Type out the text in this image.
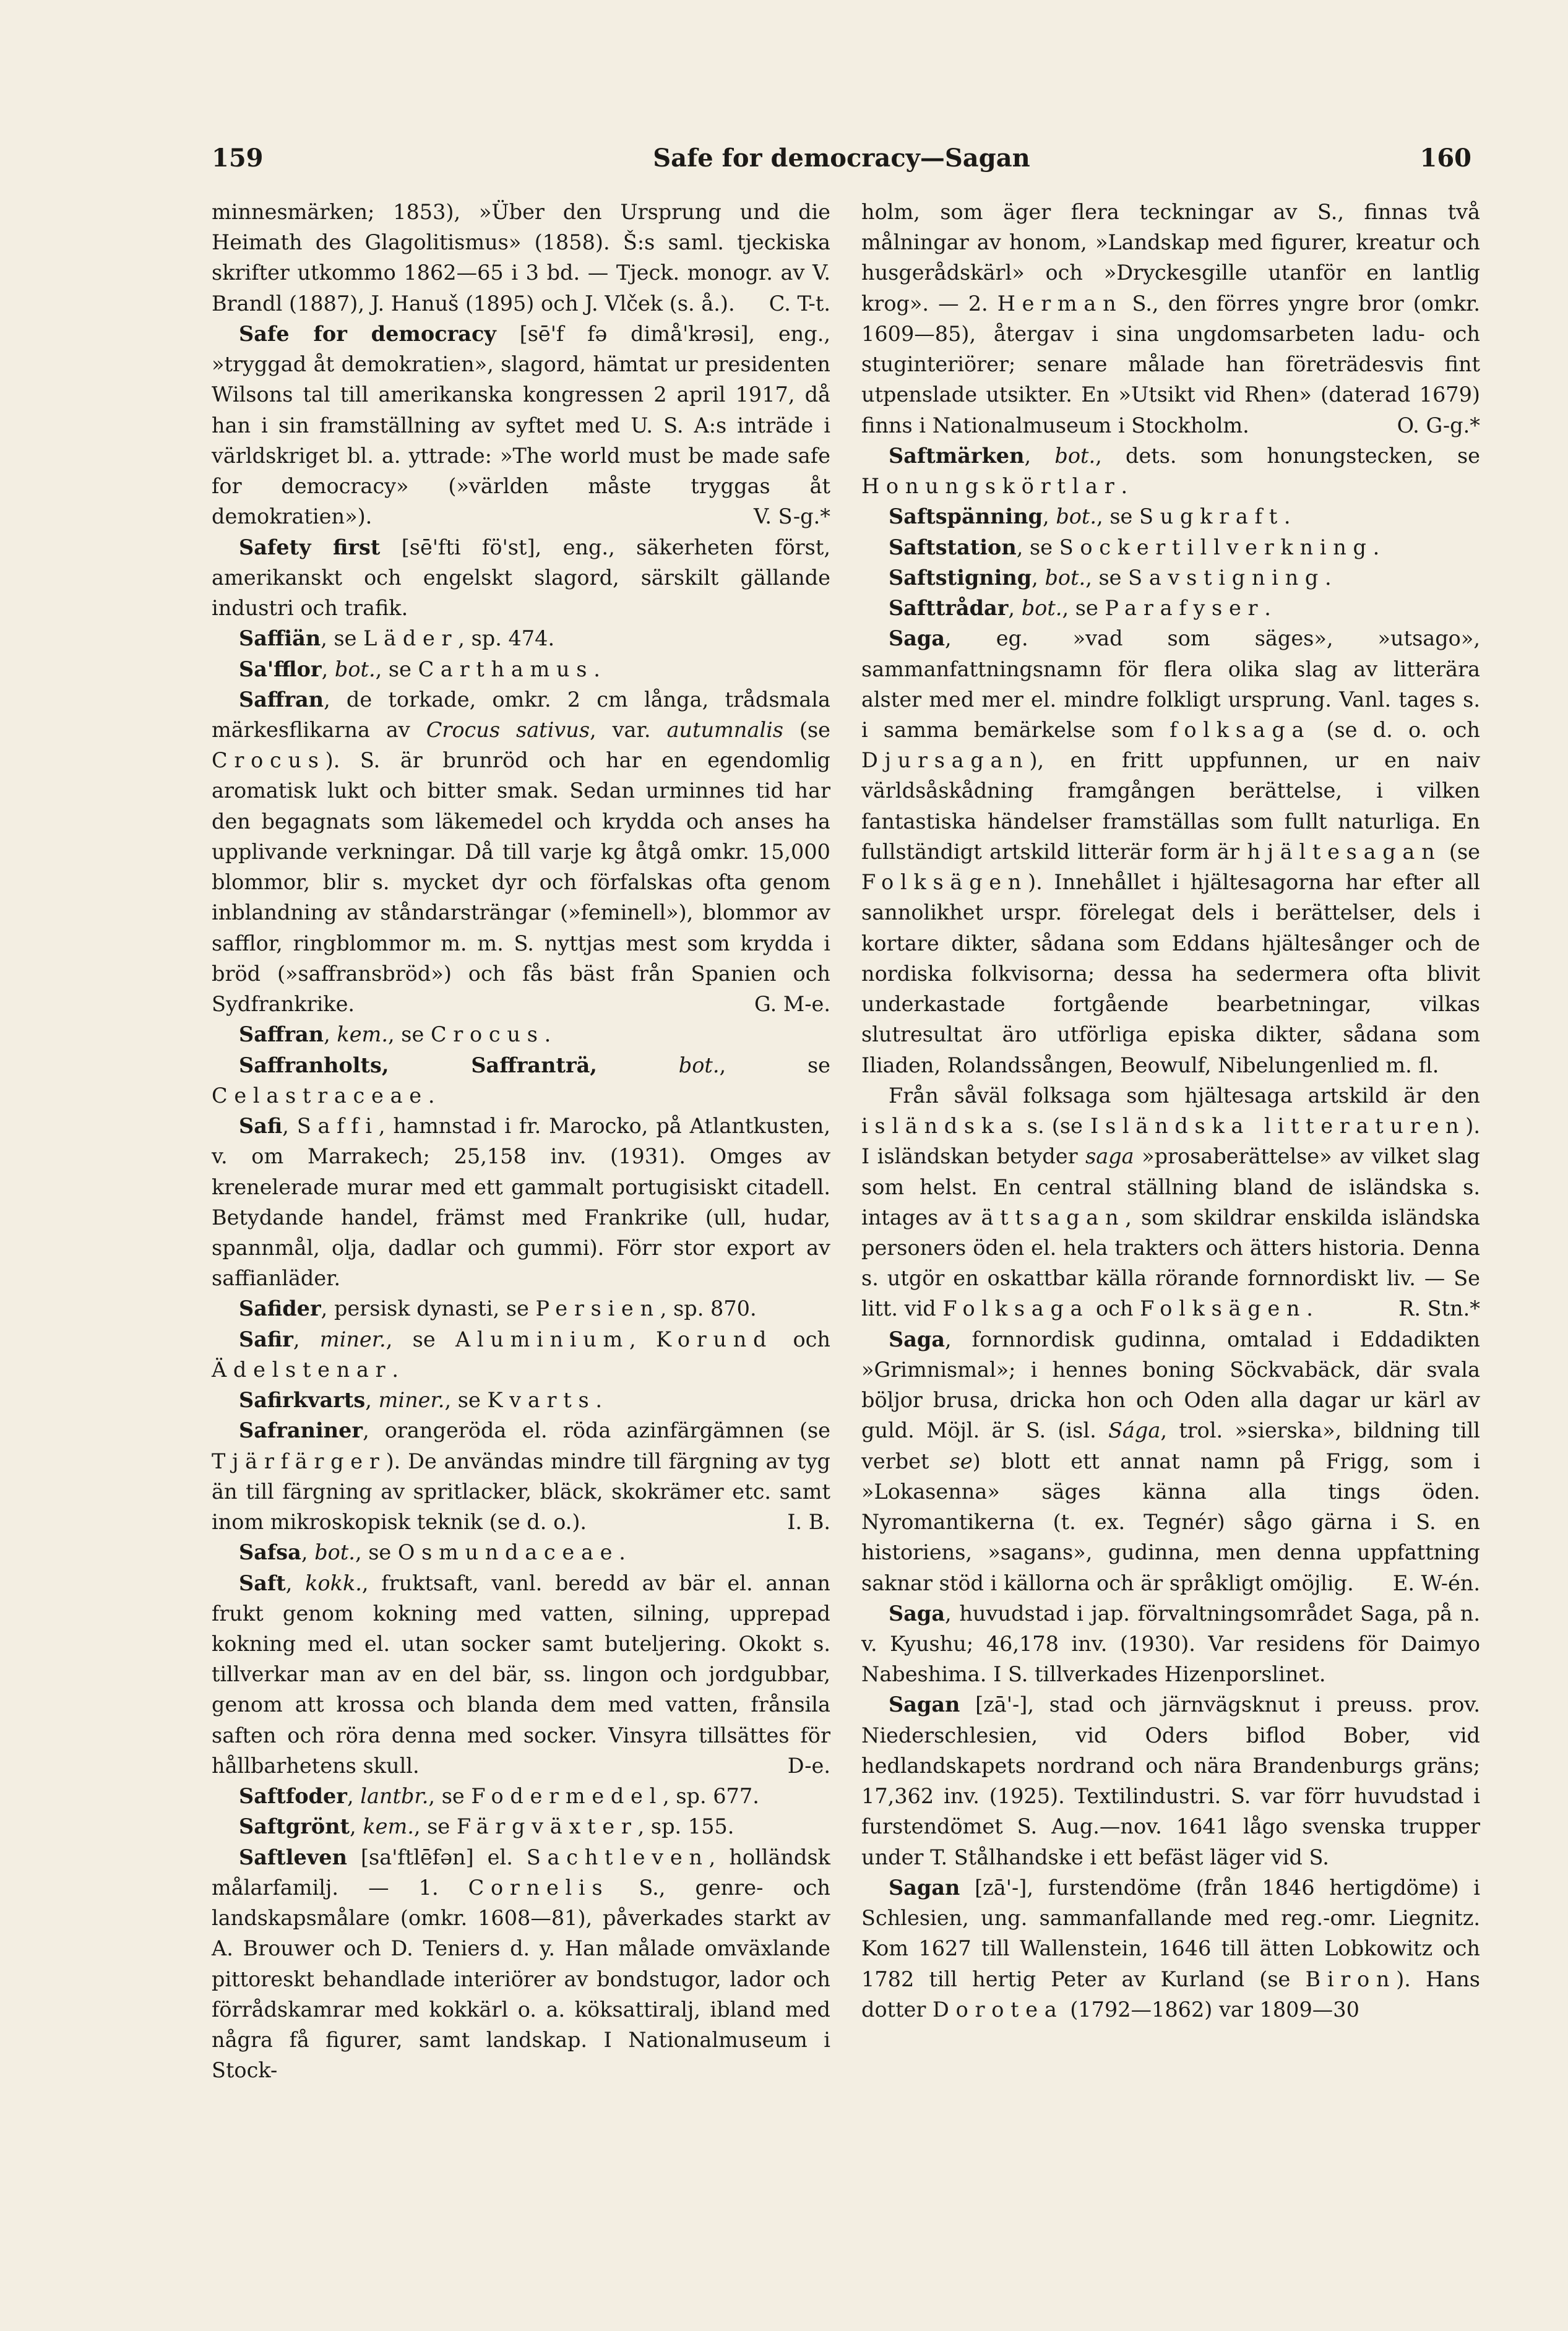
159	Safe for democracy—Sagan	160

minnesmärken; 1853), »Über den Ursprung und die Heimath des Glagolitismus» (1858). Š:s saml. tjeckiska skrifter utkommo 1862—65 i 3 bd. — Tjeck. monogr. av V. Brandl (1887), J. Hanuš (1895) och J. Vlček (s. å.). C. T-t.

Safe for democracy [sē'f fə dimå'krəsi], eng., »tryggad åt demokratien», slagord, hämtat ur presidenten Wilsons tal till amerikanska kongressen 2 april 1917, då han i sin framställning av syftet med U. S. A:s inträde i världskriget bl. a. yttrade: »The world must be made safe for democracy» (»världen måste tryggas åt demokratien»).	V. S-g.*

Safety first [sē'fti fö'st], eng., säkerheten först, amerikanskt och engelskt slagord, särskilt gällande industri och trafik.

Saffiän, se Läder, sp. 474.

Sa'fflor, bot., se Carthamus.

Saffran, de torkade, omkr. 2 cm långa, trådsmala märkesflikarna av Crocus sativus, var. autumnalis (se Crocus). S. är brunröd och har en egendomlig aromatisk lukt och bitter smak. Sedan urminnes tid har den begagnats som läkemedel och krydda och anses ha upplivande verkningar. Då till varje kg åtgå omkr. 15,000 blommor, blir s. mycket dyr och förfalskas ofta genom inblandning av ståndarsträngar (»feminell»), blommor av safflor, ringblommor m. m. S. nyttjas mest som krydda i bröd (»saffransbröd») och fås bäst från Spanien och Sydfrankrike.	G. M-e.

Saffran, kem., se Crocus.

Saffranholts, Saffranträ,	bot., se Celastraceae.

Safi, Saffi, hamnstad i fr. Marocko, på Atlantkusten, v. om Marrakech; 25,158 inv. (1931). Omges av krenelerade murar med ett gammalt portugisiskt citadell. Betydande handel, främst med Frankrike (ull, hudar, spannmål, olja, dadlar och gummi). Förr stor export av saffianläder.

Safider, persisk dynasti, se Persien, sp. 870.

Safir, miner., se Aluminium, Korund och Ädelstenar.

Safirkvarts, miner., se Kvarts.

Safraniner, orangeröda el. röda azinfärgämnen (se Tjärfärger). De användas mindre till färgning av tyg än till färgning av spritlacker, bläck, skokrämer etc. samt inom mikroskopisk teknik (se d. o.).	I. B.

Safsa, bot., se Osmundaceae.

Saft, kokk., fruktsaft, vanl. beredd av bär el. annan frukt genom kokning med vatten, silning, upprepad kokning med el. utan socker samt buteljering. Okokt s. tillverkar man av en del bär, ss. lingon och jordgubbar, genom att krossa och blanda dem med vatten, frånsila saften och röra denna med socker. Vinsyra tillsättes för hållbarhetens skull.	D-e.

Saftfoder, lantbr., se Fodermedel, sp. 677.

Saftgrönt, kem., se Färgväxter, sp. 155.

Saftleven [sa'ftlēfən] el. Sachtleven, holländsk målarfamilj. — 1. Cornelis S., genre- och landskapsmålare (omkr. 1608—81), påverkades starkt av A. Brouwer och D. Teniers d. y. Han målade omväxlande pittoreskt behandlade interiörer av bondstugor, lador och förrådskamrar med kokkärl o. a. köksattiralj, ibland med några få figurer, samt landskap. I Nationalmuseum i Stock-

holm, som äger flera teckningar av S., finnas två målningar av honom, »Landskap med figurer, kreatur och husgerådskärl» och »Dryckesgille utanför en lantlig krog». — 2. Herman S., den förres yngre bror (omkr. 1609—85), återgav i sina ungdomsarbeten ladu- och stuginteriörer; senare målade han företrädesvis fint utpenslade utsikter. En »Utsikt vid Rhen» (daterad 1679) finns i Nationalmuseum i Stockholm.	O. G-g.*

Saftmärken, bot., dets. som honungstecken, se Honungskörtlar.

Saftspänning, bot., se Sugkraft.

Saftstation, se Sockertillverkning.

Saftstigning, bot., se Savstigning.

Safttrådar, bot., se Parafyser.

Saga, eg. »vad som säges», »utsago», sammanfattningsnamn för flera olika slag av litterära alster med mer el. mindre folkligt ursprung. Vanl. tages s. i samma bemärkelse som folksaga (se d. o. och Djursagan), en fritt uppfunnen, ur en naiv världsåskådning framgången berättelse, i vilken fantastiska händelser framställas som fullt naturliga. En fullständigt artskild litterär form är hjältesagan (se Folksägen). Innehållet i hjältesagorna har efter all sannolikhet urspr. förelegat dels i berättelser, dels i kortare dikter, sådana som Eddans hjältesånger och de nordiska folkvisorna; dessa ha sedermera ofta blivit underkastade fortgående bearbetningar, vilkas slutresultat äro utförliga episka dikter, sådana som Iliaden, Rolandssången, Beowulf, Nibelungenlied m. fl.

Från såväl folksaga som hjältesaga artskild är den isländska s. (se Isländska litteraturen). I isländskan betyder saga »prosaberättelse» av vilket slag som helst. En central ställning bland de isländska s. intages av ättsagan, som skildrar enskilda isländska personers öden el. hela trakters och ätters historia. Denna s. utgör en oskattbar källa rörande fornnordiskt liv. — Se litt. vid Folksaga och Folksägen.	R. Stn.*

Saga, fornnordisk gudinna, omtalad i Eddadikten »Grimnismal»; i hennes boning Söckvabäck, där svala böljor brusa, dricka hon och Oden alla dagar ur kärl av guld. Möjl. är S. (isl. Sága, trol. »sierska», bildning till verbet se) blott ett annat namn på Frigg, som i »Lokasenna» säges känna alla tings öden. Nyromantikerna (t. ex. Tegnér) sågo gärna i S. en historiens, »sagans», gudinna, men denna uppfattning saknar stöd i källorna och är språkligt omöjlig.	E. W-én.

Saga, huvudstad i jap. förvaltningsområdet Saga, på n. v. Kyushu; 46,178 inv. (1930). Var residens för Daimyo Nabeshima. I S. tillverkades Hizenporslinet.

Sagan [zā'-], stad och järnvägsknut i preuss. prov. Niederschlesien, vid Oders biflod Bober, vid hedlandskapets nordrand och nära Brandenburgs gräns; 17,362 inv. (1925). Textilindustri. S. var förr huvudstad i furstendömet S. Aug.—nov. 1641 lågo svenska trupper under T. Stålhandske i ett befäst läger vid S.

Sagan [zā'-], furstendöme (från 1846 hertigdöme) i Schlesien, ung. sammanfallande med reg.-omr. Liegnitz. Kom 1627 till Wallenstein, 1646 till ätten Lobkowitz och 1782 till hertig Peter av Kurland (se Biron). Hans dotter Dorotea (1792—1862) var 1809—30
